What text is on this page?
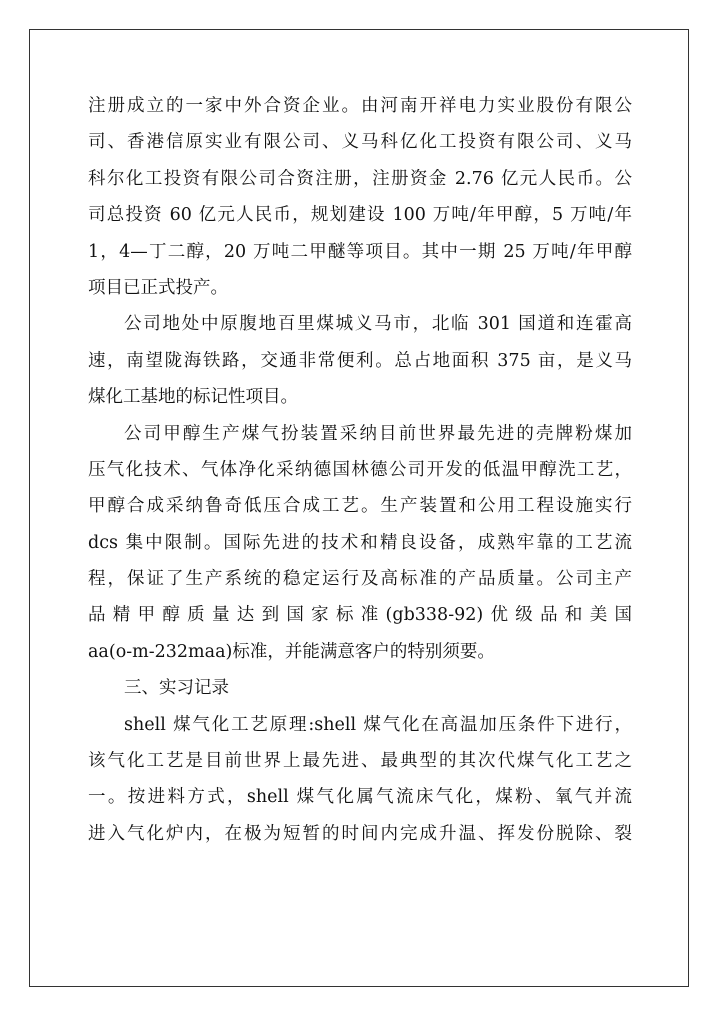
注册成立的一家中外合资企业。由河南开祥电力实业股份有限公
司、香港信原实业有限公司、义马科亿化工投资有限公司、义马
科尔化工投资有限公司合资注册，注册资金 2.76 亿元人民币。公
司总投资 60 亿元人民币，规划建设 100 万吨/年甲醇，5 万吨/年
1，4—丁二醇，20 万吨二甲醚等项目。其中一期 25 万吨/年甲醇
项目已正式投产。
公司地处中原腹地百里煤城义马市，北临 301 国道和连霍高
速，南望陇海铁路，交通非常便利。总占地面积 375 亩，是义马
煤化工基地的标记性项目。
公司甲醇生产煤气扮装置采纳目前世界最先进的壳牌粉煤加
压气化技术、气体净化采纳德国林德公司开发的低温甲醇洗工艺，
甲醇合成采纳鲁奇低压合成工艺。生产装置和公用工程设施实行
dcs 集中限制。国际先进的技术和精良设备，成熟牢靠的工艺流
程，保证了生产系统的稳定运行及高标准的产品质量。公司主产
品精甲醇质量达到国家标准(gb338-92)优级品和美国
aa(o-m-232maa)标准，并能满意客户的特别须要。
三、实习记录
shell 煤气化工艺原理:shell 煤气化在高温加压条件下进行，
该气化工艺是目前世界上最先进、最典型的其次代煤气化工艺之
一。按进料方式，shell 煤气化属气流床气化，煤粉、氧气并流
进入气化炉内，在极为短暂的时间内完成升温、挥发份脱除、裂
